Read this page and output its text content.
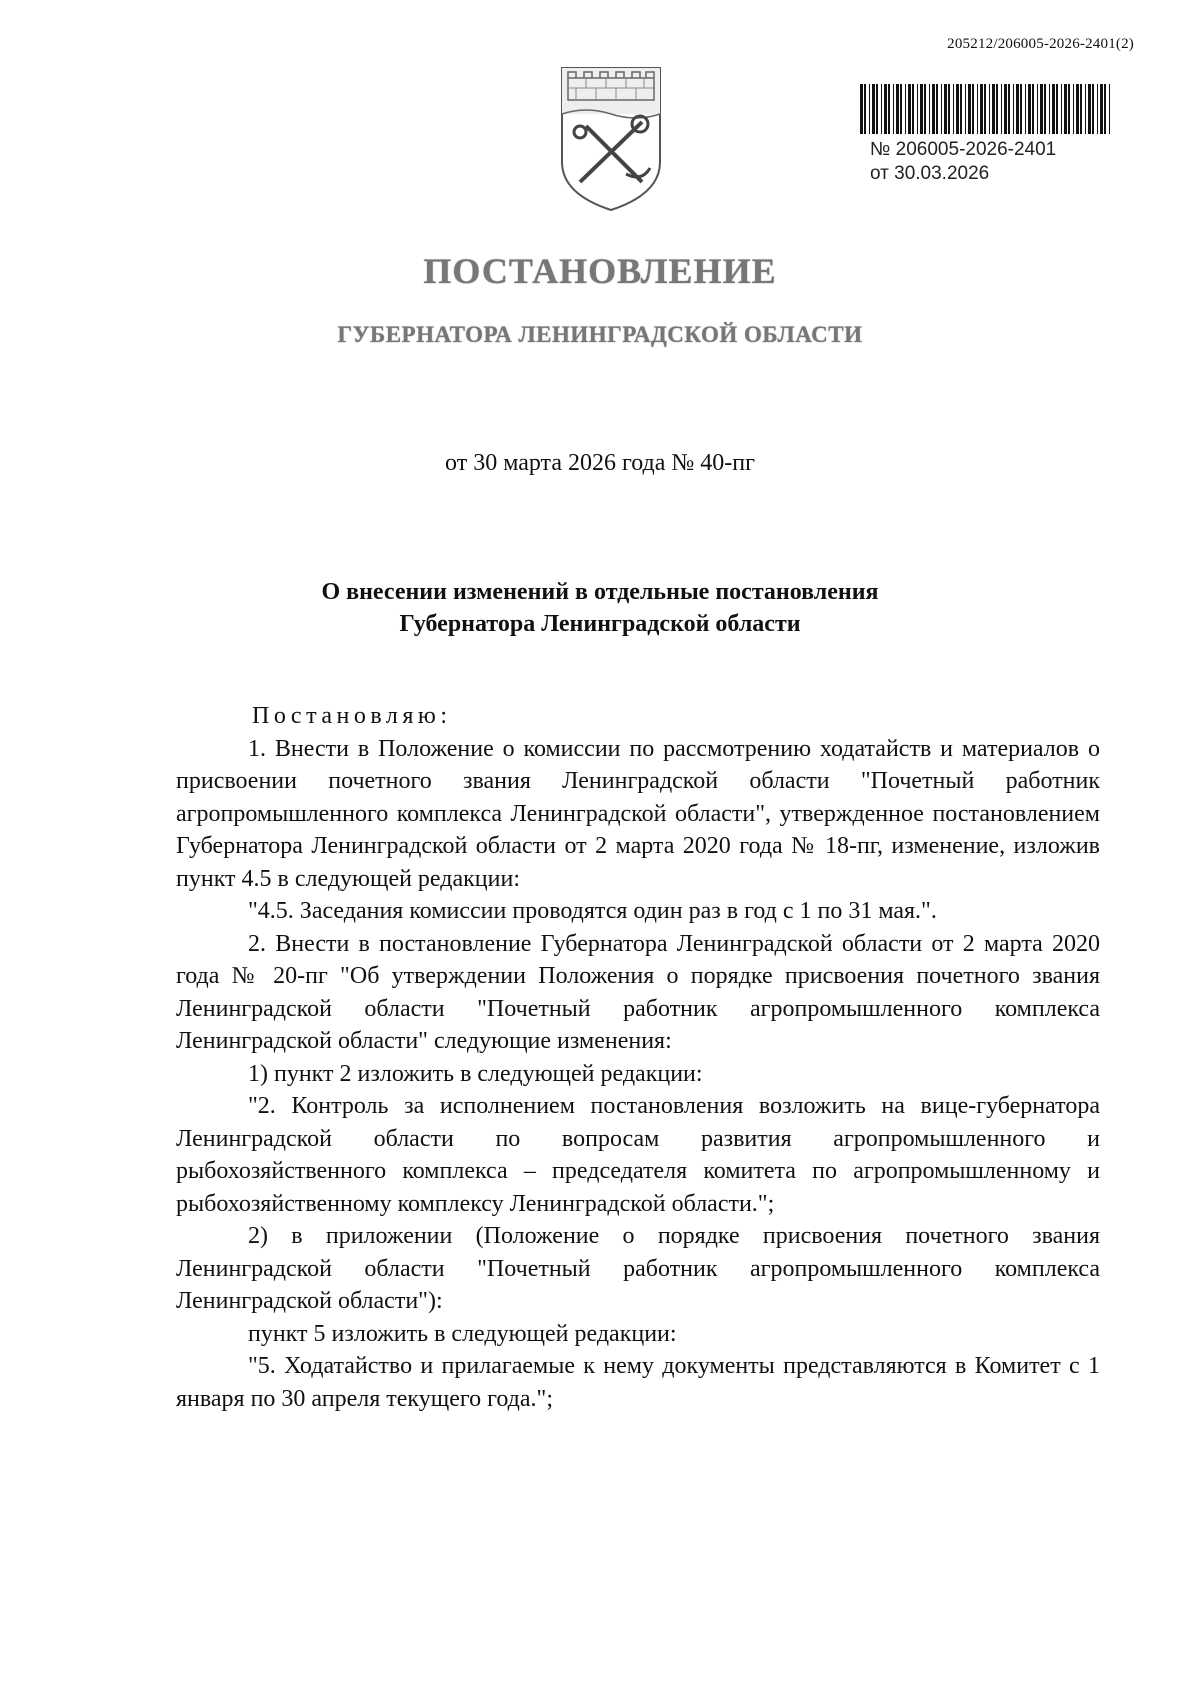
205212/206005-2026-2401(2)
№ 206005-2026-2401
от 30.03.2026
ПОСТАНОВЛЕНИЕ
ГУБЕРНАТОРА ЛЕНИНГРАДСКОЙ ОБЛАСТИ
от 30 марта 2026 года № 40-пг
О внесении изменений в отдельные постановления
Губернатора Ленинградской области

Постановляю:

1. Внести в Положение о комиссии по рассмотрению ходатайств и материалов о присвоении почетного звания Ленинградской области "Почетный работник агропромышленного комплекса Ленинградской области", утвержденное постановлением Губернатора Ленинградской области от 2 марта 2020 года № 18-пг, изменение, изложив пункт 4.5 в следующей редакции:

"4.5. Заседания комиссии проводятся один раз в год с 1 по 31 мая.".

2. Внести в постановление Губернатора Ленинградской области от 2 марта 2020 года № 20-пг "Об утверждении Положения о порядке присвоения почетного звания Ленинградской области "Почетный работник агропромышленного комплекса Ленинградской области" следующие изменения:

1) пункт 2 изложить в следующей редакции:

"2. Контроль за исполнением постановления возложить на вице-губернатора Ленинградской области по вопросам развития агропромышленного и рыбохозяйственного комплекса – председателя комитета по агропромышленному и рыбохозяйственному комплексу Ленинградской области.";

2) в приложении (Положение о порядке присвоения почетного звания Ленинградской области "Почетный работник агропромышленного комплекса Ленинградской области"):

пункт 5 изложить в следующей редакции:

"5. Ходатайство и прилагаемые к нему документы представляются в Комитет с 1 января по 30 апреля текущего года.";
